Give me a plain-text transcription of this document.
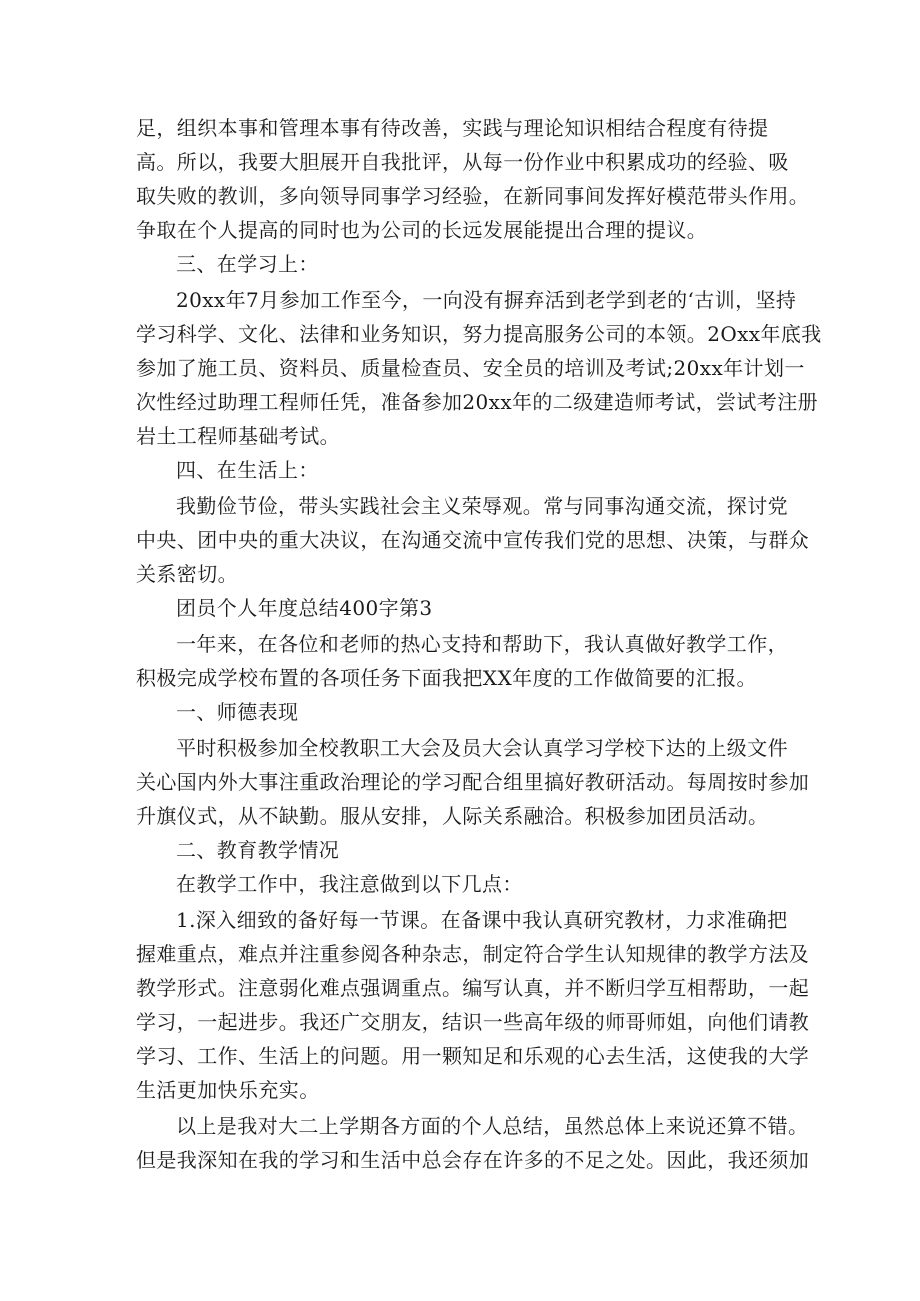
足，组织本事和管理本事有待改善，实践与理论知识相结合程度有待提
高。所以，我要大胆展开自我批评，从每一份作业中积累成功的经验、吸
取失败的教训，多向领导同事学习经验，在新同事间发挥好模范带头作用。
争取在个人提高的同时也为公司的长远发展能提出合理的提议。
三、在学习上：
20xx年7月参加工作至今，一向没有摒弃活到老学到老的‘古训，坚持
学习科学、文化、法律和业务知识，努力提高服务公司的本领。2Oxx年底我
参加了施工员、资料员、质量检查员、安全员的培训及考试;20xx年计划一
次性经过助理工程师任凭，准备参加20xx年的二级建造师考试，尝试考注册
岩土工程师基础考试。
四、在生活上：
我勤俭节俭，带头实践社会主义荣辱观。常与同事沟通交流，探讨党
中央、团中央的重大决议，在沟通交流中宣传我们党的思想、决策，与群众
关系密切。
团员个人年度总结400字第3
一年来，在各位和老师的热心支持和帮助下，我认真做好教学工作，
积极完成学校布置的各项任务下面我把XX年度的工作做简要的汇报。
一、师德表现
平时积极参加全校教职工大会及员大会认真学习学校下达的上级文件
关心国内外大事注重政治理论的学习配合组里搞好教研活动。每周按时参加
升旗仪式，从不缺勤。服从安排，人际关系融洽。积极参加团员活动。
二、教育教学情况
在教学工作中，我注意做到以下几点：
1.深入细致的备好每一节课。在备课中我认真研究教材，力求准确把
握难重点，难点并注重参阅各种杂志，制定符合学生认知规律的教学方法及
教学形式。注意弱化难点强调重点。编写认真，并不断归学互相帮助，一起
学习，一起进步。我还广交朋友，结识一些高年级的师哥师姐，向他们请教
学习、工作、生活上的问题。用一颗知足和乐观的心去生活，这使我的大学
生活更加快乐充实。
以上是我对大二上学期各方面的个人总结，虽然总体上来说还算不错。
但是我深知在我的学习和生活中总会存在许多的不足之处。因此，我还须加
